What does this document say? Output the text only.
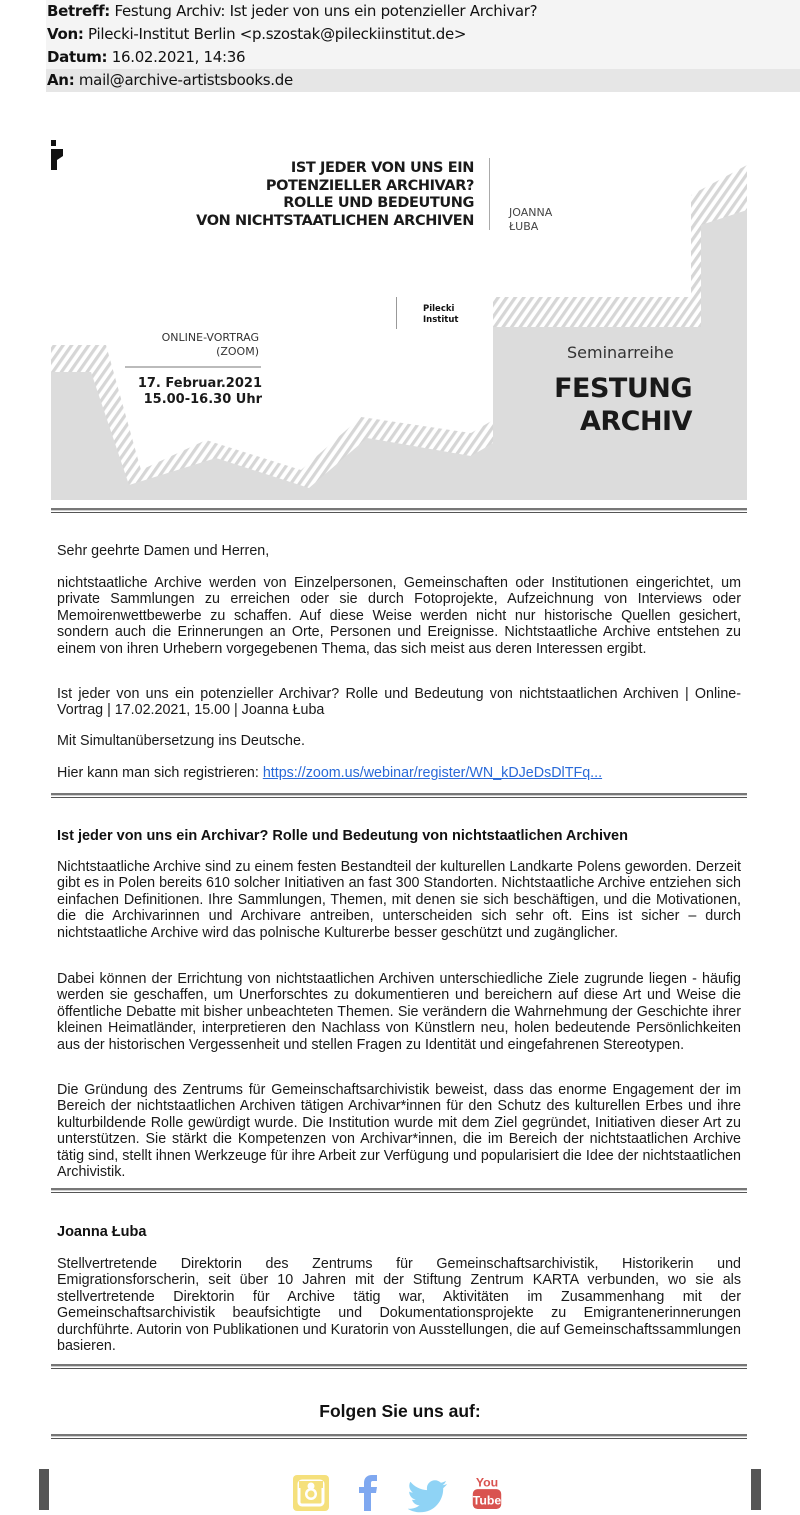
Betreff: Festung Archiv: Ist jeder von uns ein potenzieller Archivar?
Von: Pilecki-Institut Berlin <p.szostak@pileckiinstitut.de>
Datum: 16.02.2021, 14:36
An: mail@archive-artistsbooks.de
IST JEDER VON UNS EIN
POTENZIELLER ARCHIVAR?
ROLLE UND BEDEUTUNG
VON NICHTSTAATLICHEN ARCHIVEN	JOANNA
ŁUBA
Pilecki
Institut
ONLINE-VORTRAG
(ZOOM)
17. Februar.2021
15.00-16.30 Uhr
Seminarreihe
FESTUNG
ARCHIV
Sehr geehrte Damen und Herren,
nichtstaatliche Archive werden von Einzelpersonen, Gemeinschaften oder Institutionen eingerichtet, um private Sammlungen zu erreichen oder sie durch Fotoprojekte, Aufzeichnung von Interviews oder Memoirenwettbewerbe zu schaffen. Auf diese Weise werden nicht nur historische Quellen gesichert, sondern auch die Erinnerungen an Orte, Personen und Ereignisse. Nichtstaatliche Archive entstehen zu einem von ihren Urhebern vorgegebenen Thema, das sich meist aus deren Interessen ergibt.
Ist jeder von uns ein potenzieller Archivar? Rolle und Bedeutung von nichtstaatlichen Archiven | Online-Vortrag | 17.02.2021, 15.00 | Joanna Łuba
Mit Simultanübersetzung ins Deutsche.
Hier kann man sich registrieren: https://zoom.us/webinar/register/WN_kDJeDsDlTFq...
Ist jeder von uns ein Archivar? Rolle und Bedeutung von nichtstaatlichen Archiven
Nichtstaatliche Archive sind zu einem festen Bestandteil der kulturellen Landkarte Polens geworden. Derzeit gibt es in Polen bereits 610 solcher Initiativen an fast 300 Standorten. Nichtstaatliche Archive entziehen sich einfachen Definitionen. Ihre Sammlungen, Themen, mit denen sie sich beschäftigen, und die Motivationen, die die Archivarinnen und Archivare antreiben, unterscheiden sich sehr oft. Eins ist sicher – durch nichtstaatliche Archive wird das polnische Kulturerbe besser geschützt und zugänglicher.
Dabei können der Errichtung von nichtstaatlichen Archiven unterschiedliche Ziele zugrunde liegen - häufig werden sie geschaffen, um Unerforschtes zu dokumentieren und bereichern auf diese Art und Weise die öffentliche Debatte mit bisher unbeachteten Themen. Sie verändern die Wahrnehmung der Geschichte ihrer kleinen Heimatländer, interpretieren den Nachlass von Künstlern neu, holen bedeutende Persönlichkeiten aus der historischen Vergessenheit und stellen Fragen zu Identität und eingefahrenen Stereotypen.
Die Gründung des Zentrums für Gemeinschaftsarchivistik beweist, dass das enorme Engagement der im Bereich der nichtstaatlichen Archiven tätigen Archivar*innen für den Schutz des kulturellen Erbes und ihre kulturbildende Rolle gewürdigt wurde. Die Institution wurde mit dem Ziel gegründet, Initiativen dieser Art zu unterstützen. Sie stärkt die Kompetenzen von Archivar*innen, die im Bereich der nichtstaatlichen Archive tätig sind, stellt ihnen Werkzeuge für ihre Arbeit zur Verfügung und popularisiert die Idee der nichtstaatlichen Archivistik.
Joanna Łuba
Stellvertretende Direktorin des Zentrums für Gemeinschaftsarchivistik, Historikerin und Emigrationsforscherin, seit über 10 Jahren mit der Stiftung Zentrum KARTA verbunden, wo sie als stellvertretende Direktorin für Archive tätig war, Aktivitäten im Zusammenhang mit der Gemeinschaftsarchivistik beaufsichtigte und Dokumentationsprojekte zu Emigrantenerinnerungen durchführte. Autorin von Publikationen und Kuratorin von Ausstellungen, die auf Gemeinschaftssammlungen basieren.
Folgen Sie uns auf:
You
Tube
